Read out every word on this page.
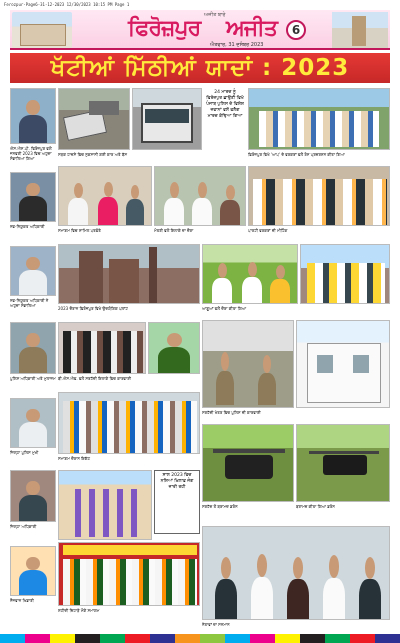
Ferozpur-Page6-31-12-2023 12/30/2023 10:15 PM Page 1
ਅਜੀਤ ਬਾਰੇ
ਫਿਰੋਜ਼ਪੁਰ ਅਜੀਤ
ਐਤਵਾਰ, 31 ਦਸੰਬਰ 2023
6
ਖੱਟੀਆਂ ਮਿੱਠੀਆਂ ਯਾਦਾਂ : 2023
ਐਸ.ਐਸ.ਪੀ. ਫਿਰੋਜ਼ਪੁਰ ਵਲੋਂ ਜਨਵਰੀ 2023 ਵਿਚ ਅਹੁਦਾ ਸੰਭਾਲਿਆ ਗਿਆ
ਸੜਕ ਹਾਦਸੇ ਵਿਚ ਨੁਕਸਾਨੀ ਗਈ ਕਾਰ ਅਤੇ ਬੱਸ
24 ਮਾਰਚ ਨੂੰ ਫਿਰੋਜ਼ਪੁਰ ਛਾਉਣੀ ਵਿਖੇ ਪੰਜਾਬ ਪੁਲਿਸ ਦੇ ਵਿਸ਼ੇਸ਼ ਜਵਾਨਾਂ ਵਲੋਂ ਫਲੈਗ ਮਾਰਚ ਕੱਢਿਆ ਗਿਆ
ਫ਼ਿਰੋਜ਼ਪੁਰ ਵਿਖੇ 'ਆਪ' ਦੇ ਵਰਕਰਾਂ ਵਲੋਂ ਰੋਸ ਪ੍ਰਦਰਸ਼ਨ ਕੀਤਾ ਗਿਆ
ਨਵ-ਨਿਯੁਕਤ ਅਧਿਕਾਰੀ
ਸਮਾਗਮ ਵਿਚ ਸ਼ਾਮਿਲ ਪਤਵੰਤੇ	ਮੰਤਰੀ ਵਲੋਂ ਇਲਾਕੇ ਦਾ ਦੌਰਾ	ਪਾਰਟੀ ਵਰਕਰਾਂ ਦੀ ਮੀਟਿੰਗ
ਨਵ-ਨਿਯੁਕਤ ਅਧਿਕਾਰੀ ਨੇ ਅਹੁਦਾ ਸੰਭਾਲਿਆ
2023 ਦੌਰਾਨ ਫ਼ਿਰੋਜ਼ਪੁਰ ਵਿਖੇ ਉਦਯੋਗਿਕ ਪਲਾਂਟ	ਆਗੂਆਂ ਵਲੋਂ ਦੌਰਾ ਕੀਤਾ ਗਿਆ
ਪੁਲਿਸ ਅਧਿਕਾਰੀ ਅਤੇ ਮੁਲਾਜ਼ਮ ਬੀ.ਐਸ.ਐਫ. ਵਲੋਂ ਸਰਹੱਦੀ ਇਲਾਕੇ ਵਿਚ ਕਾਰਵਾਈ
ਸਰਹੱਦੀ ਖੇਤਰ ਵਿਚ ਪੁਲਿਸ ਦੀ ਕਾਰਵਾਈ
ਜ਼ਿਲ੍ਹਾ ਪੁਲਿਸ ਮੁਖੀ
ਸਮਾਗਮ ਦੌਰਾਨ ਇਕੱਠ
ਸਰਹੱਦ ਤੋਂ ਬਰਾਮਦ ਡਰੋਨ	ਬਰਾਮਦ ਕੀਤਾ ਗਿਆ ਡਰੋਨ
ਜ਼ਿਲ੍ਹਾ ਅਧਿਕਾਰੀ
ਸਾਲ 2023 ਵਿਚ ਨਸ਼ਿਆਂ ਖ਼ਿਲਾਫ਼ ਜੰਗ ਜਾਰੀ ਰਹੀ
ਨੌਜਵਾਨ ਖਿਡਾਰੀ
ਸ਼ਹੀਦੀ ਦਿਹਾੜੇ ਮੌਕੇ ਸਮਾਗਮ
ਨੇਤਾਵਾਂ ਦਾ ਸਨਮਾਨ
